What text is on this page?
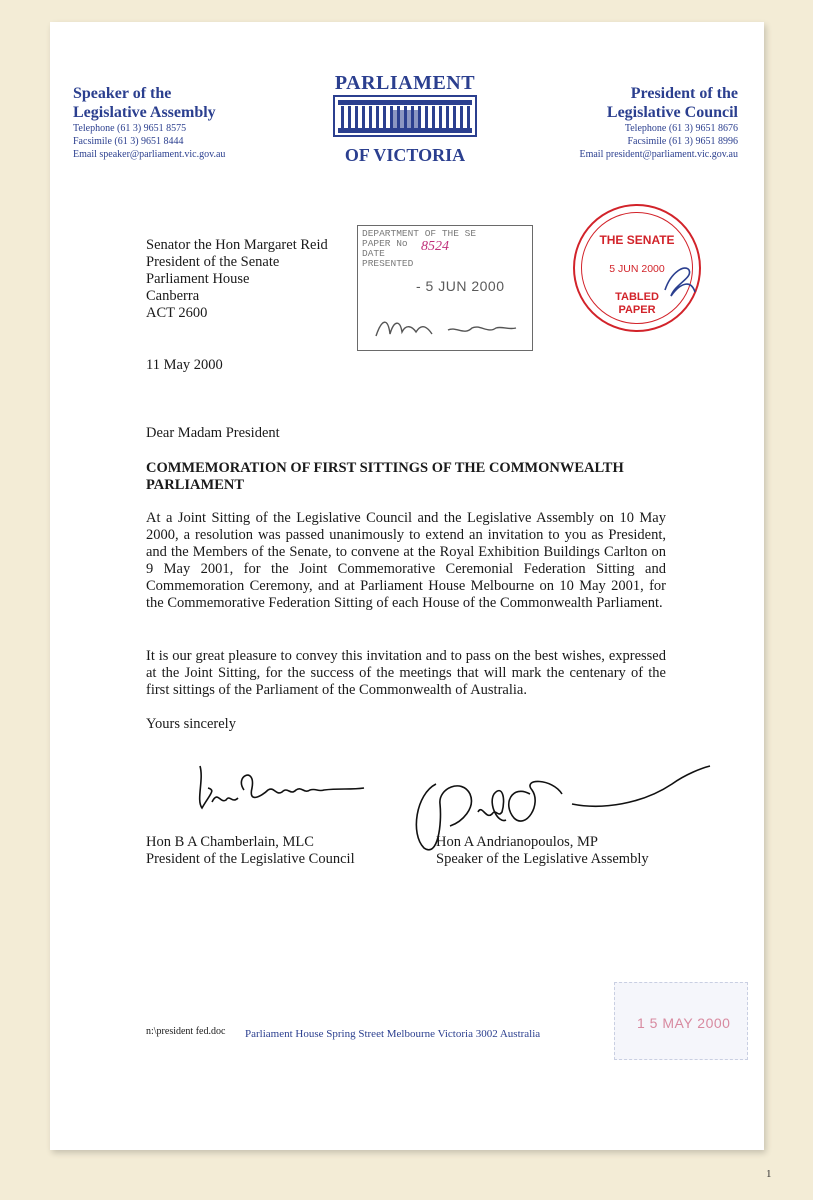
Speaker of the
Legislative Assembly
Telephone (61 3) 9651 8575
Facsimile (61 3) 9651 8444
Email speaker@parliament.vic.gov.au
PARLIAMENT
OF VICTORIA
President of the
Legislative Council
Telephone (61 3) 9651 8676
Facsimile (61 3) 9651 8996
Email president@parliament.vic.gov.au
Senator the Hon Margaret Reid
President of the Senate
Parliament House
Canberra
ACT 2600
DEPARTMENT OF THE SE
PAPER No
DATE
PRESENTED
8524
- 5 JUN 2000
THE SENATE
5 JUN 2000
TABLED
PAPER
11 May 2000
Dear Madam President
COMMEMORATION OF FIRST SITTINGS OF THE COMMONWEALTH PARLIAMENT
At a Joint Sitting of the Legislative Council and the Legislative Assembly on 10 May 2000, a resolution was passed unanimously to extend an invitation to you as President, and the Members of the Senate, to convene at the Royal Exhibition Buildings Carlton on 9 May 2001, for the Joint Commemorative Ceremonial Federation Sitting and Commemoration Ceremony, and at Parliament House Melbourne on 10 May 2001, for the Commemorative Federation Sitting of each House of the Commonwealth Parliament.
It is our great pleasure to convey this invitation and to pass on the best wishes, expressed at the Joint Sitting, for the success of the meetings that will mark the centenary of the first sittings of the Parliament of the Commonwealth of Australia.
Yours sincerely
Hon B A Chamberlain, MLC
President of the Legislative Council
Hon A Andrianopoulos, MP
Speaker of the Legislative Assembly
1 5 MAY 2000
n:\president fed.doc Parliament House Spring Street Melbourne Victoria 3002 Australia
1
